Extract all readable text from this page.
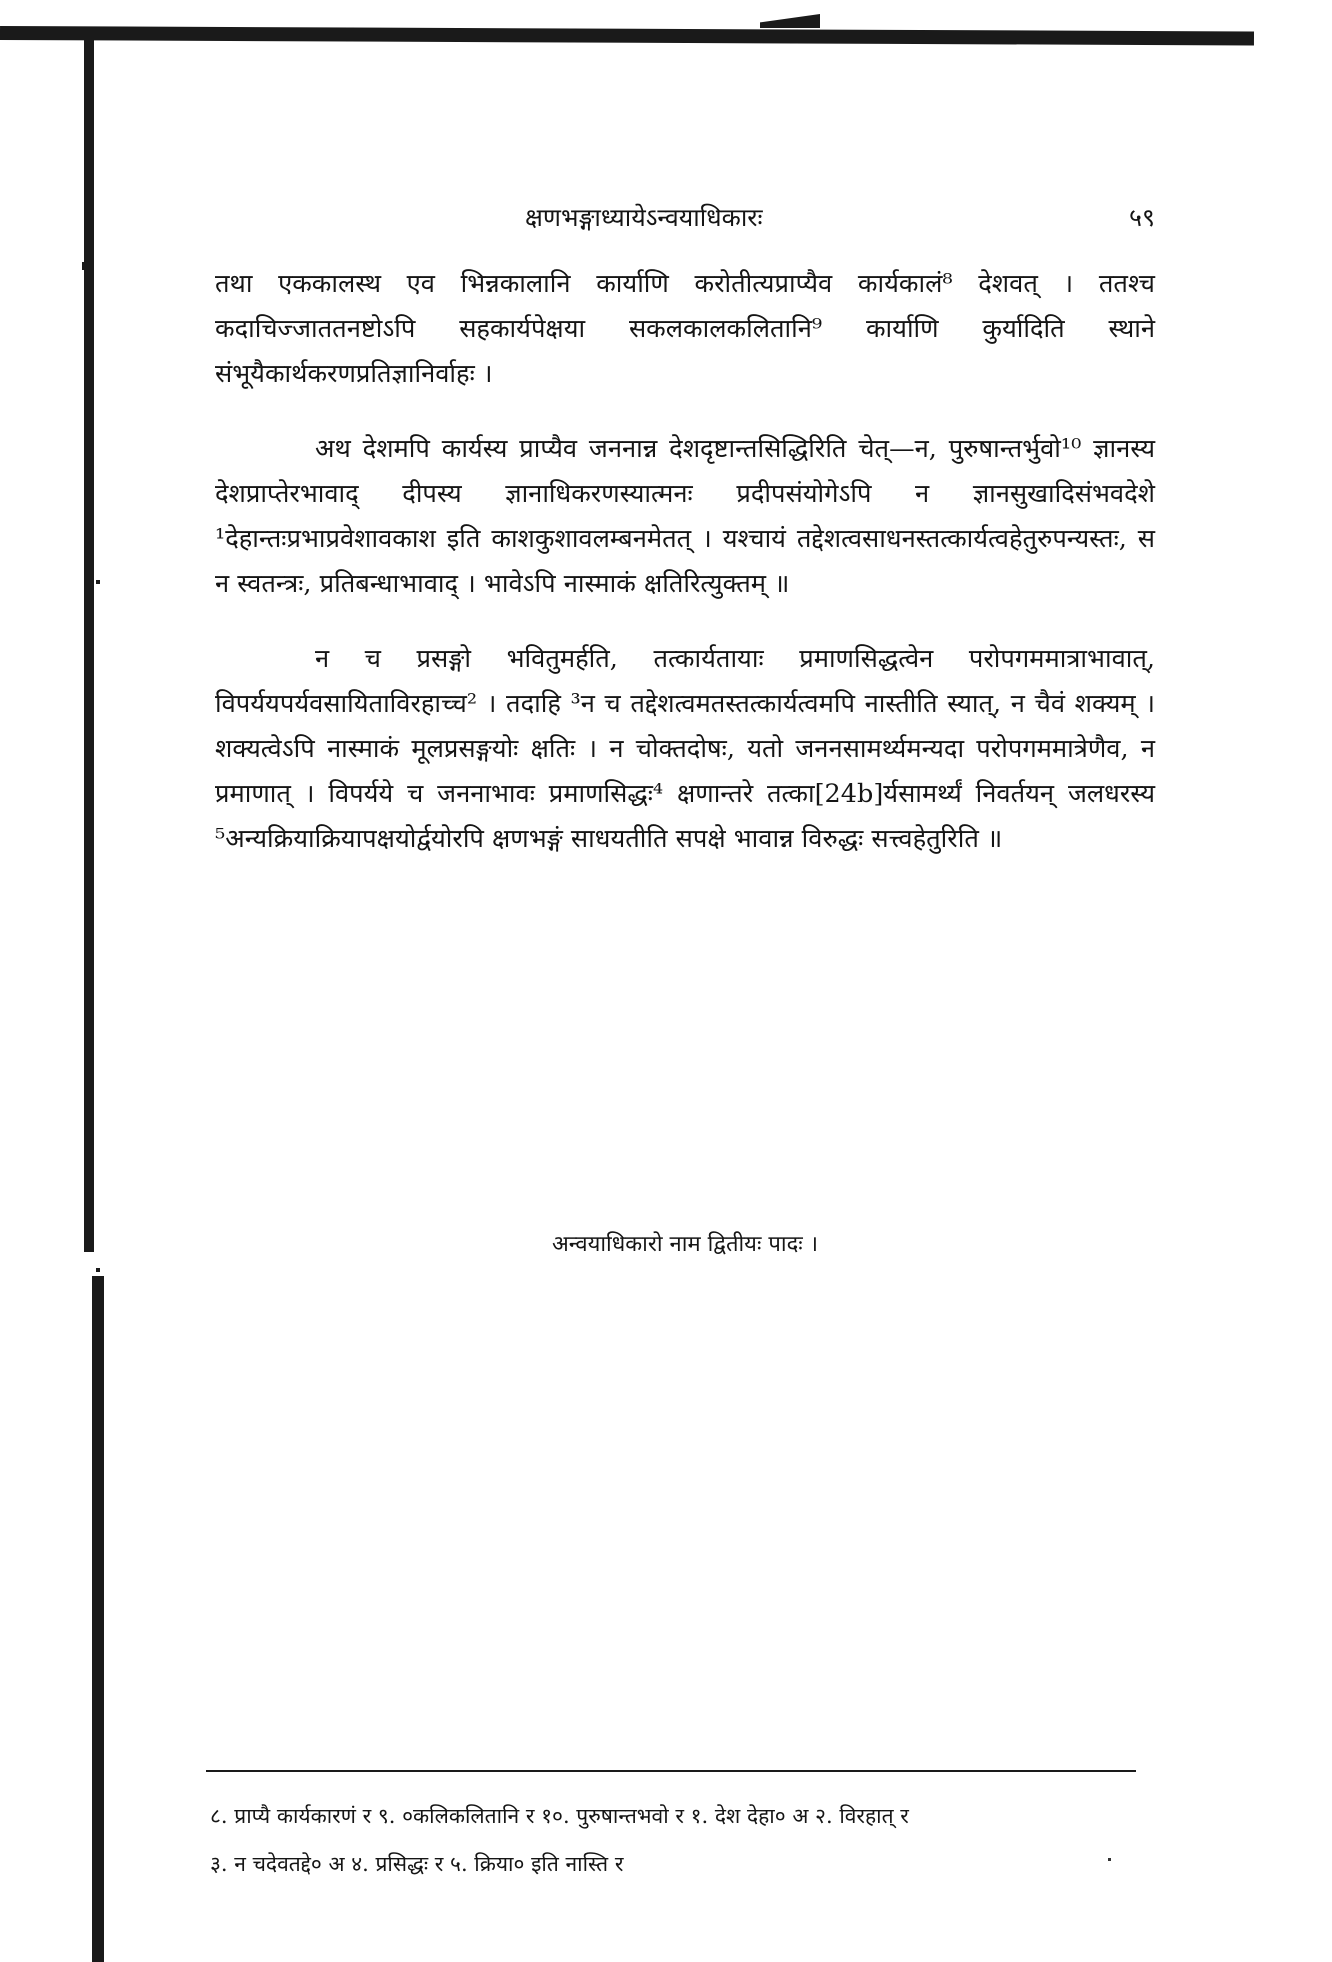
क्षणभङ्गाध्यायेऽन्वयाधिकारः	५९

तथा एककालस्थ एव भिन्नकालानि कार्याणि करोतीत्यप्राप्यैव कार्यकालं⁸ देशवत् । ततश्च कदाचिज्जाततनष्टोऽपि सहकार्यपेक्षया सकलकालकलितानि⁹ कार्याणि कुर्यादिति स्थाने संभूयैकार्थकरणप्रतिज्ञानिर्वाहः ।

अथ देशमपि कार्यस्य प्राप्यैव जननान्न देशदृष्टान्तसिद्धिरिति चेत्—न, पुरुषान्तर्भुवो¹⁰ ज्ञानस्य देशप्राप्तेरभावाद् दीपस्य ज्ञानाधिकरणस्यात्मनः प्रदीपसंयोगेऽपि न ज्ञानसुखादिसंभवदेशे ¹देहान्तःप्रभाप्रवेशावकाश इति काशकुशावलम्बनमेतत् । यश्चायं तद्देशत्वसाधनस्तत्कार्यत्वहेतुरुपन्यस्तः, स न स्वतन्त्रः, प्रतिबन्धाभावाद् । भावेऽपि नास्माकं क्षतिरित्युक्तम् ॥

न च प्रसङ्गो भवितुमर्हति, तत्कार्यतायाः प्रमाणसिद्धत्वेन परोपगममात्राभावात्, विपर्ययपर्यवसायिताविरहाच्च² । तदाहि ³न च तद्देशत्वमतस्तत्कार्यत्वमपि नास्तीति स्यात्, न चैवं शक्यम् । शक्यत्वेऽपि नास्माकं मूलप्रसङ्गयोः क्षतिः । न चोक्तदोषः, यतो जननसामर्थ्यमन्यदा परोपगममात्रेणैव, न प्रमाणात् । विपर्यये च जननाभावः प्रमाणसिद्धः⁴ क्षणान्तरे तत्का[24b]र्यसामर्थ्यं निवर्तयन् जलधरस्य ⁵अन्यक्रियाक्रियापक्षयोर्द्वयोरपि क्षणभङ्गं साधयतीति सपक्षे भावान्न विरुद्धः सत्त्वहेतुरिति ॥

अन्वयाधिकारो नाम द्वितीयः पादः ।
८. प्राप्यै कार्यकारणं र ९. ०कलिकलितानि र १०. पुरुषान्तभवो र १. देश देहा० अ २. विरहात् र
३. न चदेवतद्दे० अ ४. प्रसिद्धः र ५. क्रिया० इति नास्ति र
